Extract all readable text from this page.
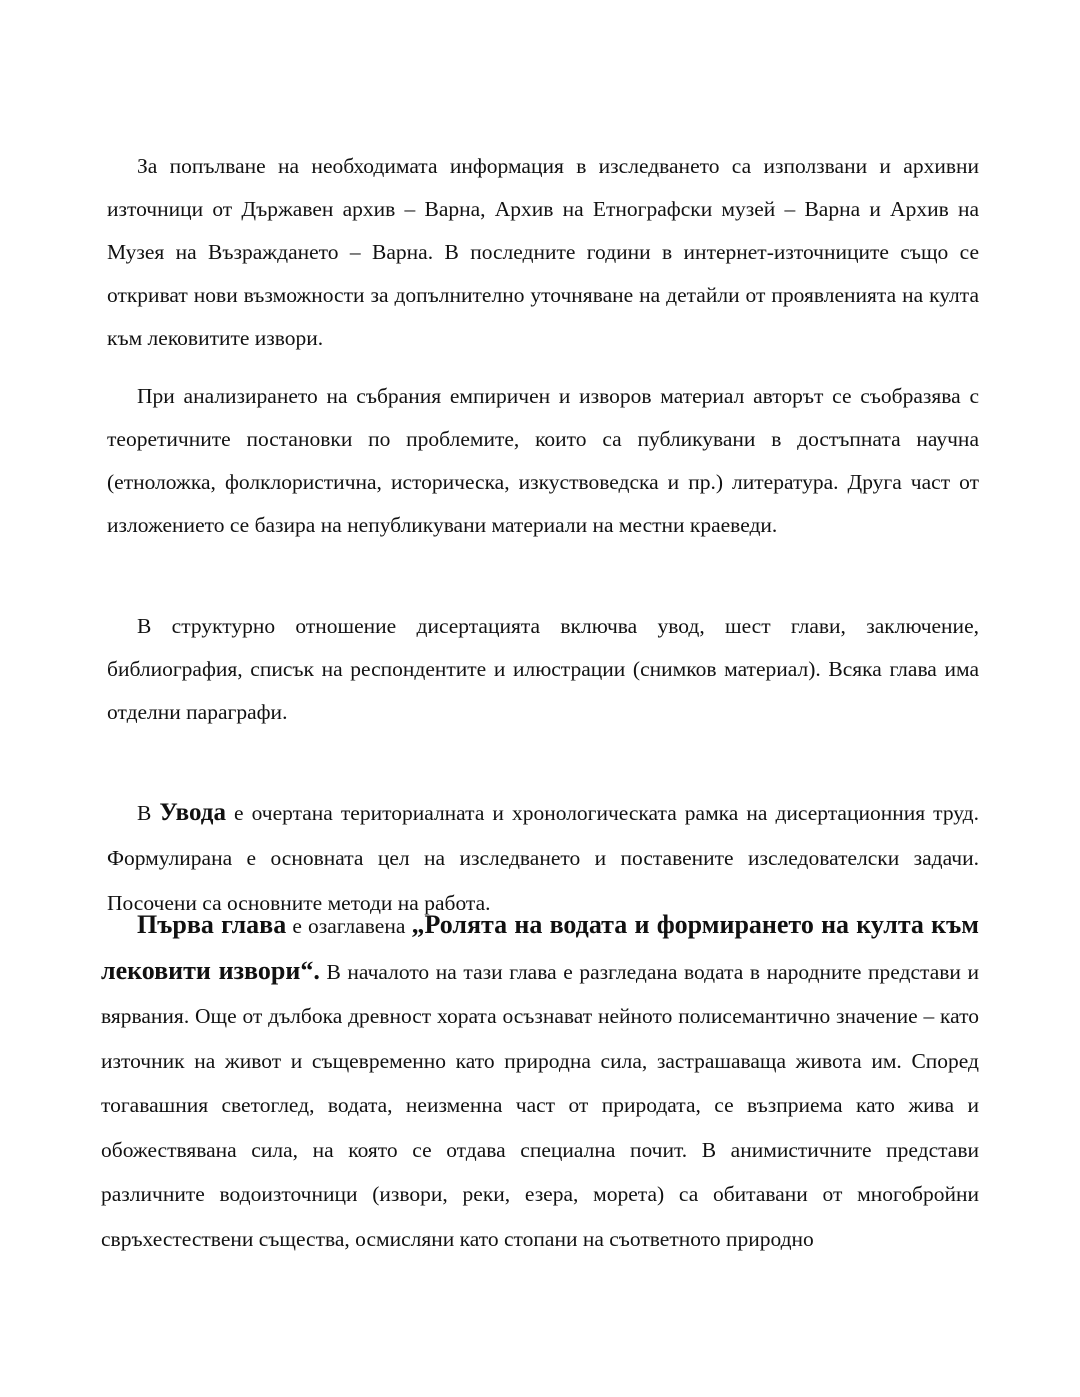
За попълване на необходимата информация в изследването са използвани и архивни източници от Държавен архив – Варна, Архив на Етнографски музей – Варна и Архив на Музея на Възраждането – Варна. В последните години в интернет-източниците също се откриват нови възможности за допълнително уточняване на детайли от проявленията на култа към лековитите извори.

При анализирането на събрания емпиричен и изворов материал авторът се съобразява с теоретичните постановки по проблемите, които са публикувани в достъпната научна (етноложка, фолклористична, историческа, изкуствоведска и пр.) литература. Друга част от изложението се базира на непубликувани материали на местни краеведи.

В структурно отношение дисертацията включва увод, шест глави, заключение, библиография, списък на респондентите и илюстрации (снимков материал). Всяка глава има отделни параграфи.

В Увода е очертана териториалната и хронологическата рамка на дисертационния труд. Формулирана е основната цел на изследването и поставените изследователски задачи. Посочени са основните методи на работа.

Първа глава е озаглавена „Ролята на водата и формирането на култа към лековити извори“. В началото на тази глава е разгледана водата в народните представи и вярвания. Още от дълбока древност хората осъзнават нейното полисемантично значение – като източник на живот и същевременно като природна сила, застрашаваща живота им. Според тогавашния светоглед, водата, неизменна част от природата, се възприема като жива и обожествявана сила, на която се отдава специална почит. В анимистичните представи различните водоизточници (извори, реки, езера, морета) са обитавани от многобройни свръхестествени същества, осмисляни като стопани на съответното природно
